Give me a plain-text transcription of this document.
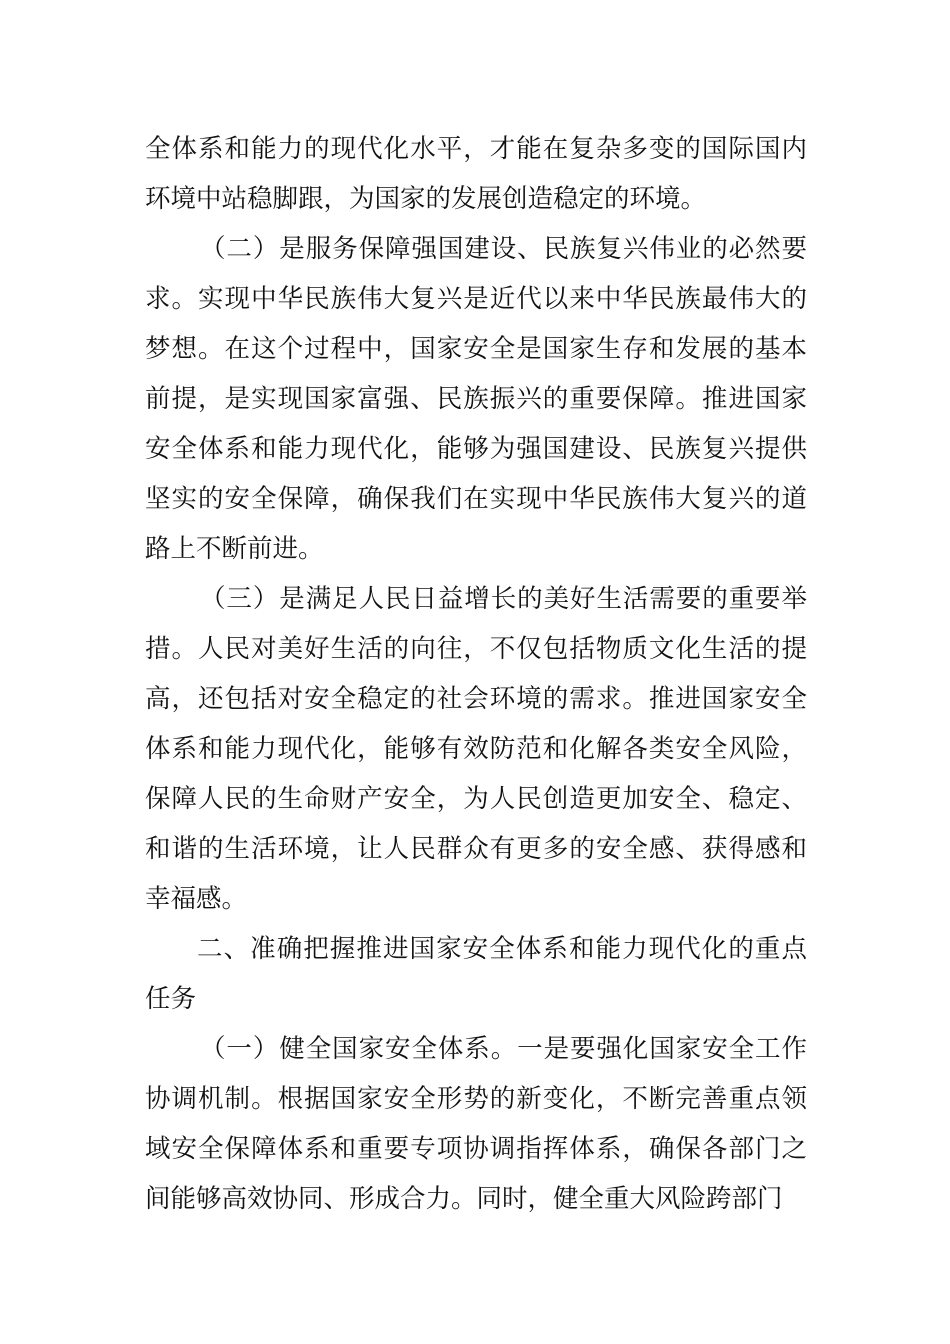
全体系和能力的现代化水平，才能在复杂多变的国际国内环境中站稳脚跟，为国家的发展创造稳定的环境。

（二）是服务保障强国建设、民族复兴伟业的必然要求。实现中华民族伟大复兴是近代以来中华民族最伟大的梦想。在这个过程中，国家安全是国家生存和发展的基本前提，是实现国家富强、民族振兴的重要保障。推进国家安全体系和能力现代化，能够为强国建设、民族复兴提供坚实的安全保障，确保我们在实现中华民族伟大复兴的道路上不断前进。

（三）是满足人民日益增长的美好生活需要的重要举措。人民对美好生活的向往，不仅包括物质文化生活的提高，还包括对安全稳定的社会环境的需求。推进国家安全体系和能力现代化，能够有效防范和化解各类安全风险，保障人民的生命财产安全，为人民创造更加安全、稳定、和谐的生活环境，让人民群众有更多的安全感、获得感和幸福感。

二、准确把握推进国家安全体系和能力现代化的重点任务

（一）健全国家安全体系。一是要强化国家安全工作协调机制。根据国家安全形势的新变化，不断完善重点领域安全保障体系和重要专项协调指挥体系，确保各部门之间能够高效协同、形成合力。同时，健全重大风险跨部门
